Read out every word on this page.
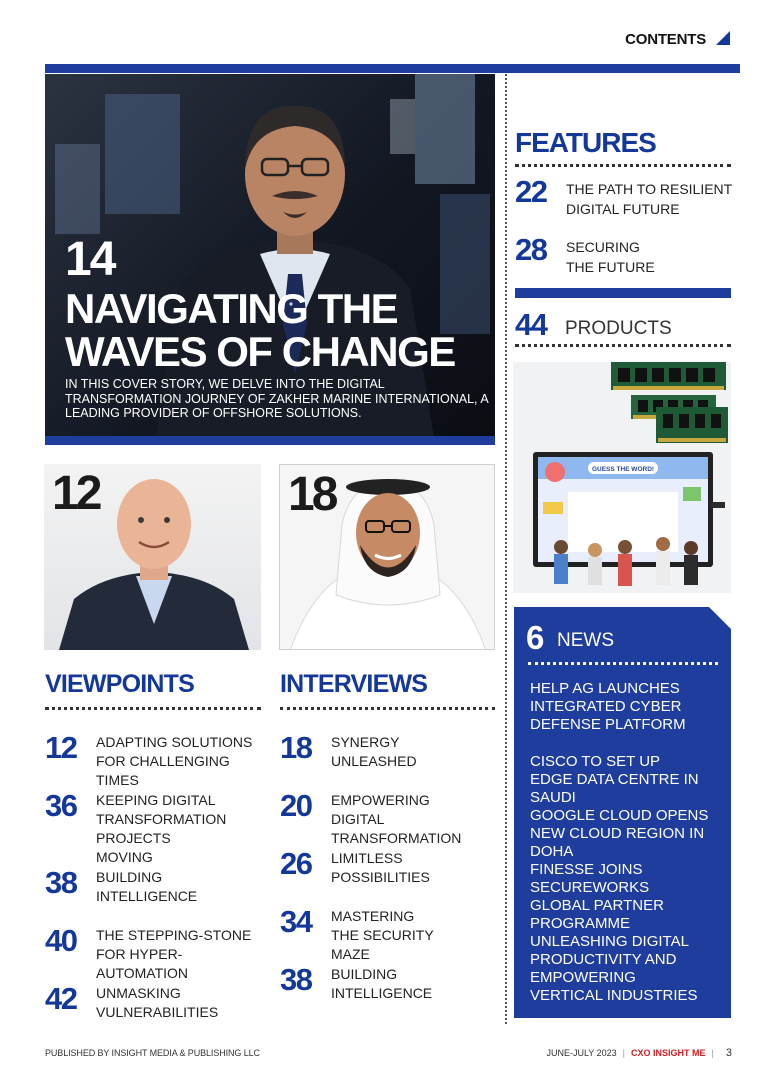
CONTENTS
14
NAVIGATING THE
WAVES OF CHANGE
IN THIS COVER STORY, WE DELVE INTO THE DIGITAL TRANSFORMATION JOURNEY OF ZAKHER MARINE INTERNATIONAL, A LEADING PROVIDER OF OFFSHORE SOLUTIONS.
FEATURES
22 THE PATH TO RESILIENT DIGITAL FUTURE
28 SECURING THE FUTURE
44 PRODUCTS
GUESS THE WORD!
12	18
VIEWPOINTS
12 ADAPTING SOLUTIONS FOR CHALLENGING TIMES
36 KEEPING DIGITAL TRANSFORMATION PROJECTS MOVING
38 BUILDING INTELLIGENCE
40 THE STEPPING-STONE FOR HYPER-AUTOMATION
42 UNMASKING VULNERABILITIES
INTERVIEWS
18 SYNERGY UNLEASHED
20 EMPOWERING DIGITAL TRANSFORMATION
26 LIMITLESS POSSIBILITIES
34 MASTERING THE SECURITY MAZE
38 BUILDING INTELLIGENCE
6 NEWS
HELP AG LAUNCHES INTEGRATED CYBER DEFENSE PLATFORM
CISCO TO SET UP EDGE DATA CENTRE IN SAUDI
GOOGLE CLOUD OPENS NEW CLOUD REGION IN DOHA
FINESSE JOINS SECUREWORKS GLOBAL PARTNER PROGRAMME
UNLEASHING DIGITAL PRODUCTIVITY AND EMPOWERING VERTICAL INDUSTRIES
PUBLISHED BY INSIGHT MEDIA & PUBLISHING LLC	JUNE-JULY 2023 | CXO INSIGHT ME | 3
